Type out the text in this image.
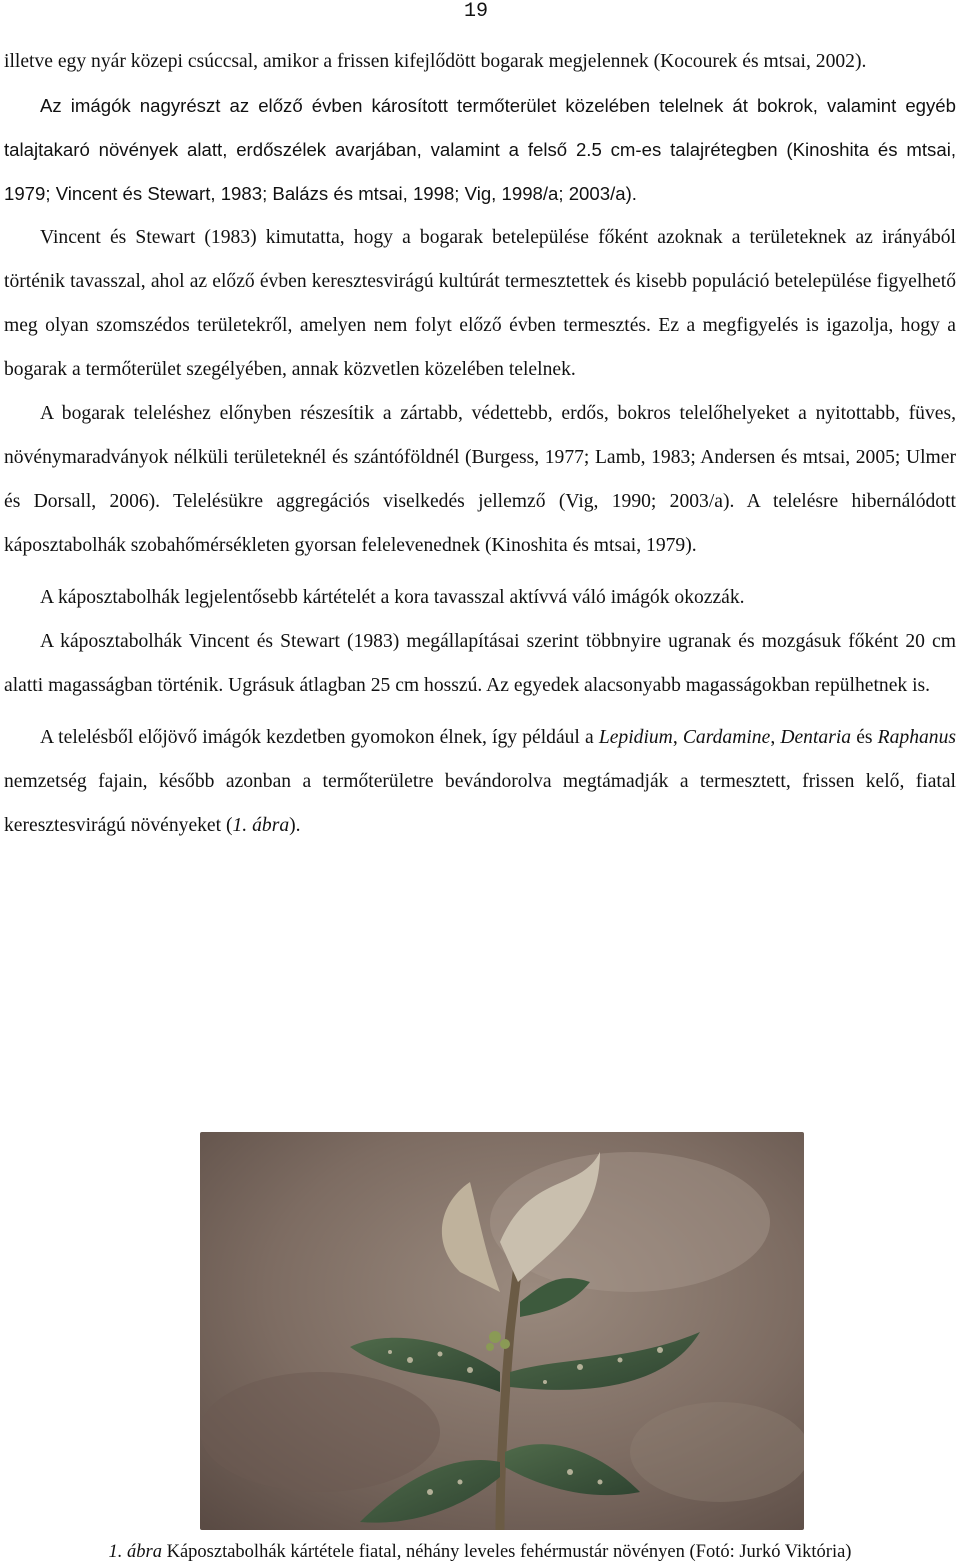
19

illetve egy nyár közepi csúccsal, amikor a frissen kifejlődött bogarak megjelennek (Kocourek és mtsai, 2002).

Az imágók nagyrészt az előző évben károsított termőterület közelében telelnek át bokrok, valamint egyéb talajtakaró növények alatt, erdőszélek avarjában, valamint a felső 2.5 cm-es talajrétegben (Kinoshita és mtsai, 1979; Vincent és Stewart, 1983; Balázs és mtsai, 1998; Vig, 1998/a; 2003/a).

Vincent és Stewart (1983) kimutatta, hogy a bogarak betelepülése főként azoknak a területeknek az irányából történik tavasszal, ahol az előző évben keresztesvirágú kultúrát termesztettek és kisebb populáció betelepülése figyelhető meg olyan szomszédos területekről, amelyen nem folyt előző évben termesztés. Ez a megfigyelés is igazolja, hogy a bogarak a termőterület szegélyében, annak közvetlen közelében telelnek.

A bogarak teleléshez előnyben részesítik a zártabb, védettebb, erdős, bokros telelőhelyeket a nyitottabb, füves, növénymaradványok nélküli területeknél és szántóföldnél (Burgess, 1977; Lamb, 1983; Andersen és mtsai, 2005; Ulmer és Dorsall, 2006). Telelésükre aggregációs viselkedés jellemző (Vig, 1990; 2003/a). A telelésre hibernálódott káposztabolhák szobahőmérsékleten gyorsan felelevenednek (Kinoshita és mtsai, 1979).

A káposztabolhák legjelentősebb kártételét a kora tavasszal aktívvá váló imágók okozzák.

A káposztabolhák Vincent és Stewart (1983) megállapításai szerint többnyire ugranak és mozgásuk főként 20 cm alatti magasságban történik. Ugrásuk átlagban 25 cm hosszú. Az egyedek alacsonyabb magasságokban repülhetnek is.

A telelésből előjövő imágók kezdetben gyomokon élnek, így például a Lepidium, Cardamine, Dentaria és Raphanus nemzetség fajain, később azonban a termőterületre bevándorolva megtámadják a termesztett, frissen kelő, fiatal keresztesvirágú növényeket (1. ábra).

1. ábra Káposztabolhák kártétele fiatal, néhány leveles fehérmustár növényen (Fotó: Jurkó Viktória)
